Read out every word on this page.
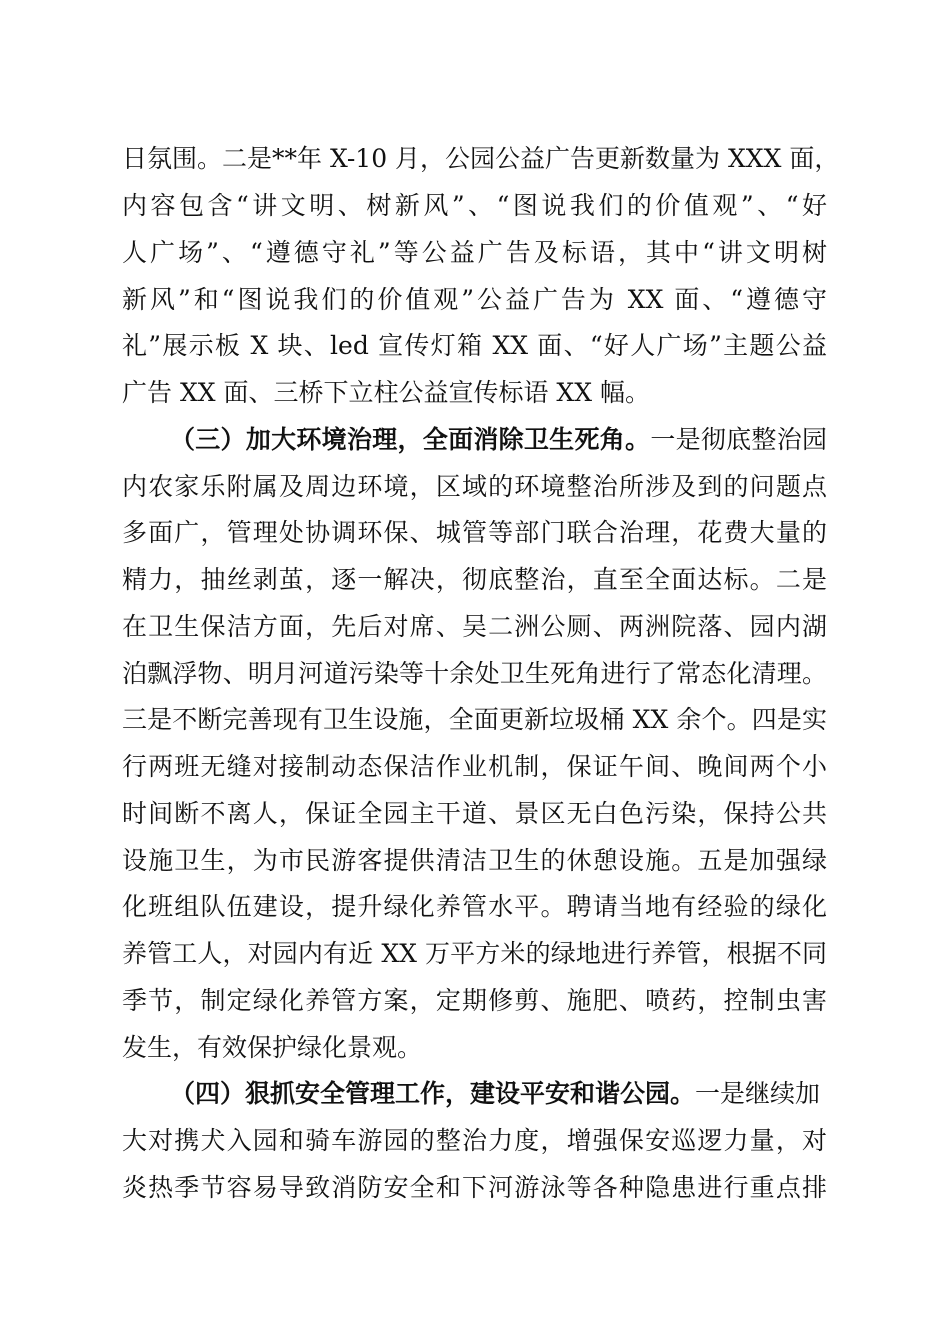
日氛围。二是**年 X-10 月，公园公益广告更新数量为 XXX 面，
内容包含“讲文明、树新风”、“图说我们的价值观”、“好
人广场”、“遵德守礼”等公益广告及标语，其中“讲文明树
新风”和“图说我们的价值观”公益广告为 XX 面、“遵德守
礼”展示板 X 块、led 宣传灯箱 XX 面、“好人广场”主题公益
广告 XX 面、三桥下立柱公益宣传标语 XX 幅。
（三）加大环境治理，全面消除卫生死角。一是彻底整治园
内农家乐附属及周边环境，区域的环境整治所涉及到的问题点
多面广，管理处协调环保、城管等部门联合治理，花费大量的
精力，抽丝剥茧，逐一解决，彻底整治，直至全面达标。二是
在卫生保洁方面，先后对席、吴二洲公厕、两洲院落、园内湖
泊飘浮物、明月河道污染等十余处卫生死角进行了常态化清理。
三是不断完善现有卫生设施，全面更新垃圾桶 XX 余个。四是实
行两班无缝对接制动态保洁作业机制，保证午间、晚间两个小
时间断不离人，保证全园主干道、景区无白色污染，保持公共
设施卫生，为市民游客提供清洁卫生的休憩设施。五是加强绿
化班组队伍建设，提升绿化养管水平。聘请当地有经验的绿化
养管工人，对园内有近 XX 万平方米的绿地进行养管，根据不同
季节，制定绿化养管方案，定期修剪、施肥、喷药，控制虫害
发生，有效保护绿化景观。
（四）狠抓安全管理工作，建设平安和谐公园。一是继续加
大对携犬入园和骑车游园的整治力度，增强保安巡逻力量，对
炎热季节容易导致消防安全和下河游泳等各种隐患进行重点排
